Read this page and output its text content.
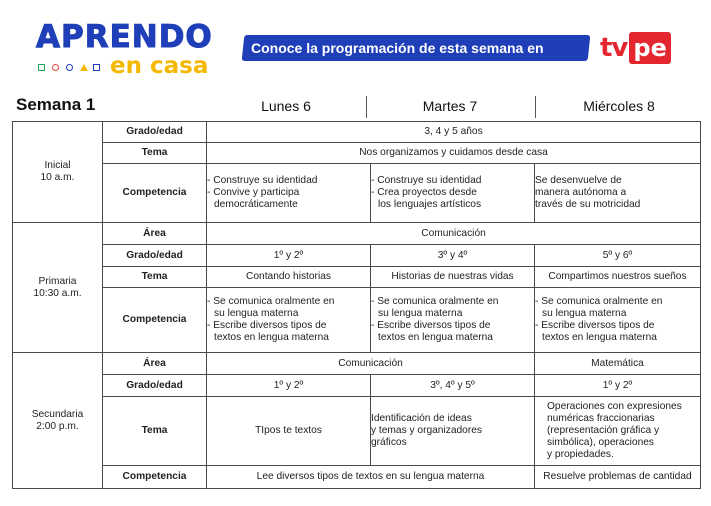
APRENDO
en casa
Conoce la programación de esta semana en	tv pe
Semana 1	Lunes 6	Martes 7	Miércoles 8
Inicial
10 a.m.	Grado/edad	3, 4 y 5 años		
	Tema	Nos organizamos y cuidamos desde casa		
	Competencia	- Construye su identidad
- Convive y participa
democráticamente	- Construye su identidad
- Crea proyectos desde
los lenguajes artísticos	Se desenvuelve de
manera autónoma a
través de su motricidad

Primaria
10:30 a.m.	Área	Comunicación		
	Grado/edad	1º y 2º	3º y 4º	5º y 6º
	Tema	Contando historias	Historias de nuestras vidas	Compartimos nuestros sueños
	Competencia	- Se comunica oralmente en
su lengua materna
- Escribe diversos tipos de
textos en lengua materna	- Se comunica oralmente en
su lengua materna
- Escribe diversos tipos de
textos en lengua materna	- Se comunica oralmente en
su lengua materna
- Escribe diversos tipos de
textos en lengua materna

Secundaria
2:00 p.m.	Área	Comunicación		Matemática
	Grado/edad	1º y 2º	3º, 4º y 5º	1º y 2º
	Tema	TIpos te textos	Identificación de ideas
y temas y organizadores
gráficos	Operaciones con expresiones
numéricas fraccionarias
(representación gráfica y
simbólica), operaciones
y propiedades.

	Competencia	Lee diversos tipos de textos en su lengua materna		Resuelve problemas de cantidad
